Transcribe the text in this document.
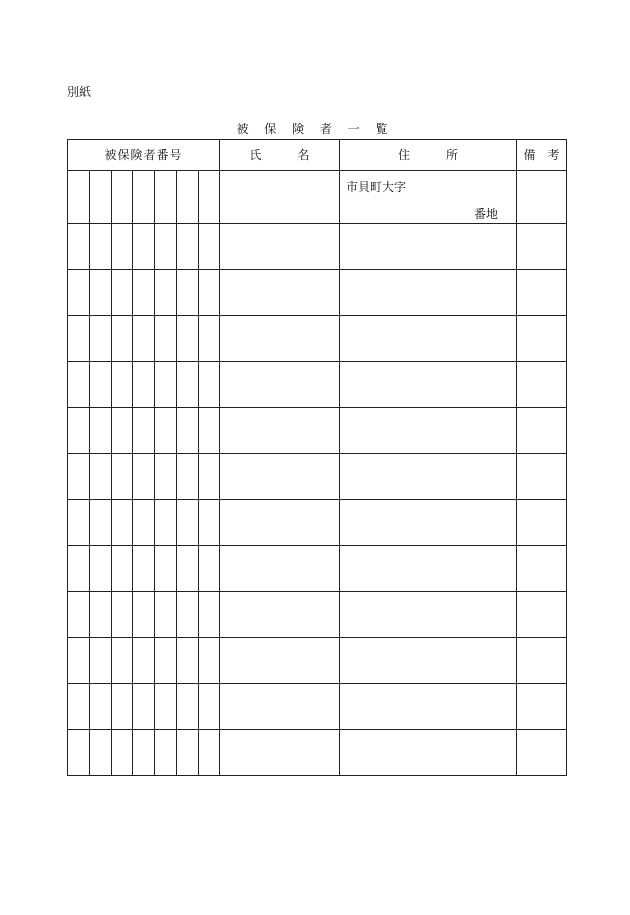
別紙
被 保 険 者 一 覧
被保険者番号							氏　　　名	住　　　所	備　考

								市貝町大字
番地	
